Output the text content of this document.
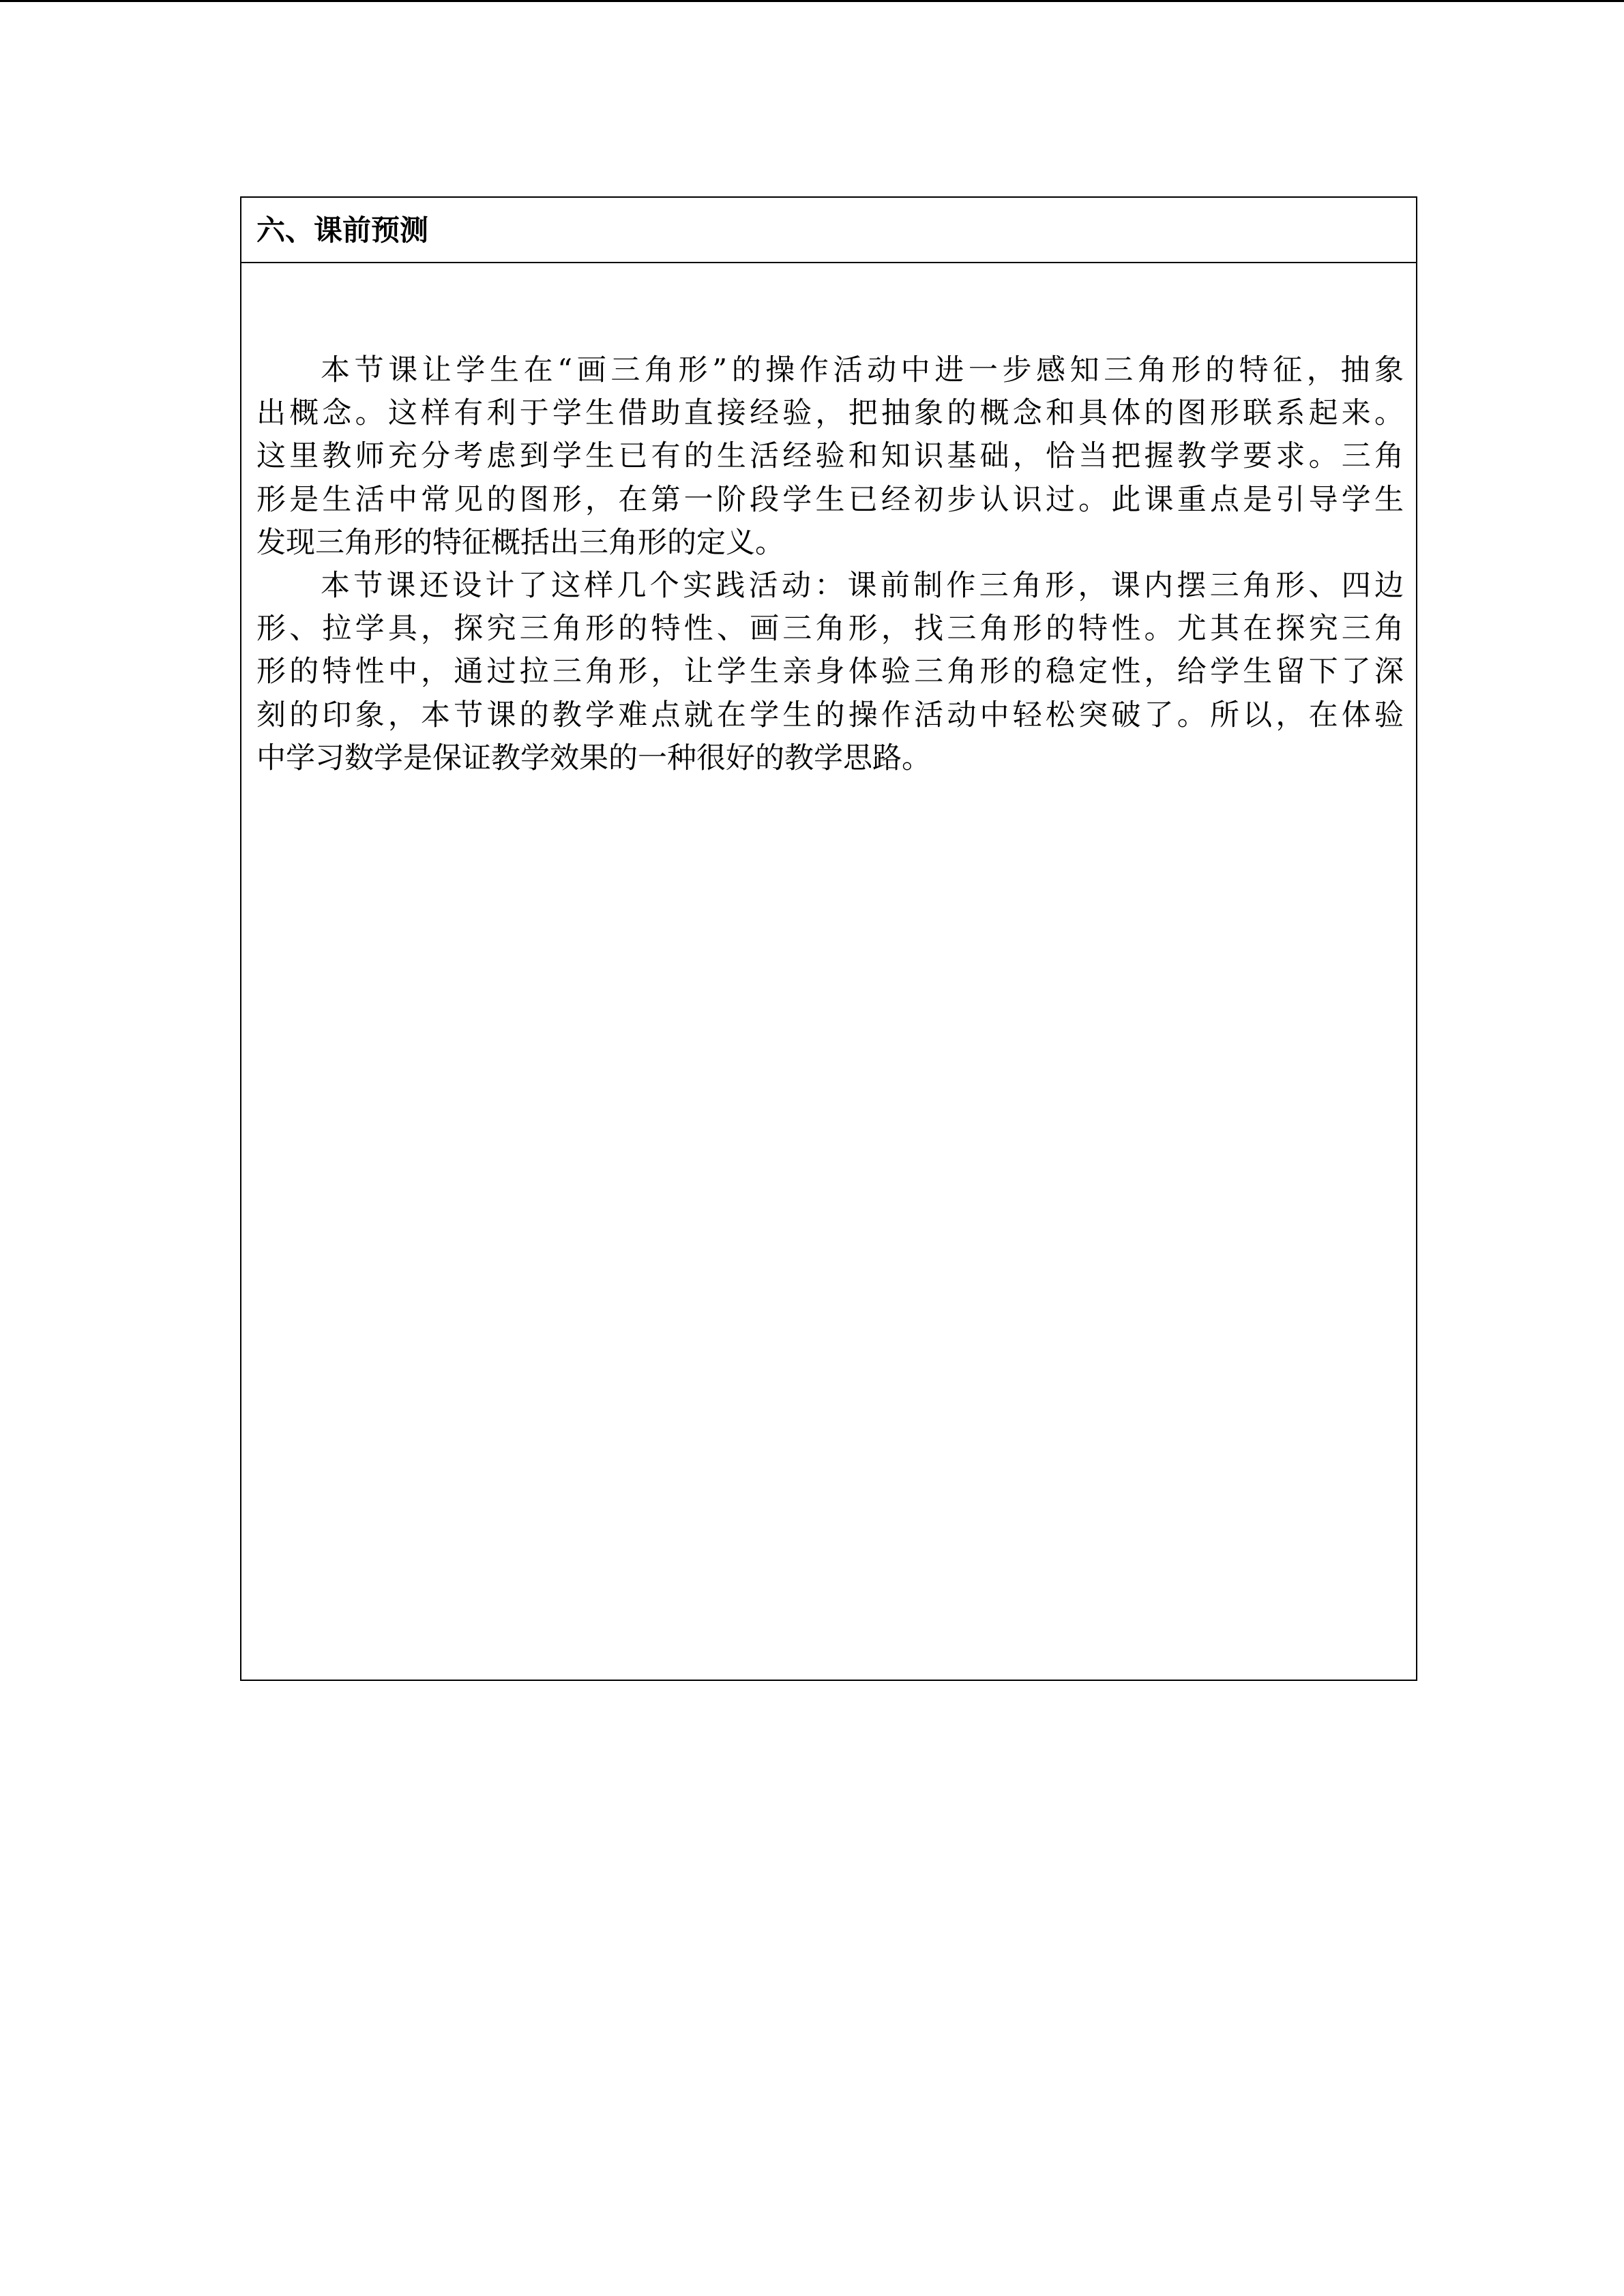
六、课前预测
本节课让学生在“画三角形”的操作活动中进一步感知三角形的特征，抽象
出概念。这样有利于学生借助直接经验，把抽象的概念和具体的图形联系起来。
这里教师充分考虑到学生已有的生活经验和知识基础，恰当把握教学要求。三角
形是生活中常见的图形，在第一阶段学生已经初步认识过。此课重点是引导学生
发现三角形的特征概括出三角形的定义。
本节课还设计了这样几个实践活动：课前制作三角形，课内摆三角形、四边
形、拉学具，探究三角形的特性、画三角形，找三角形的特性。尤其在探究三角
形的特性中，通过拉三角形，让学生亲身体验三角形的稳定性，给学生留下了深
刻的印象，本节课的教学难点就在学生的操作活动中轻松突破了。所以，在体验
中学习数学是保证教学效果的一种很好的教学思路。
